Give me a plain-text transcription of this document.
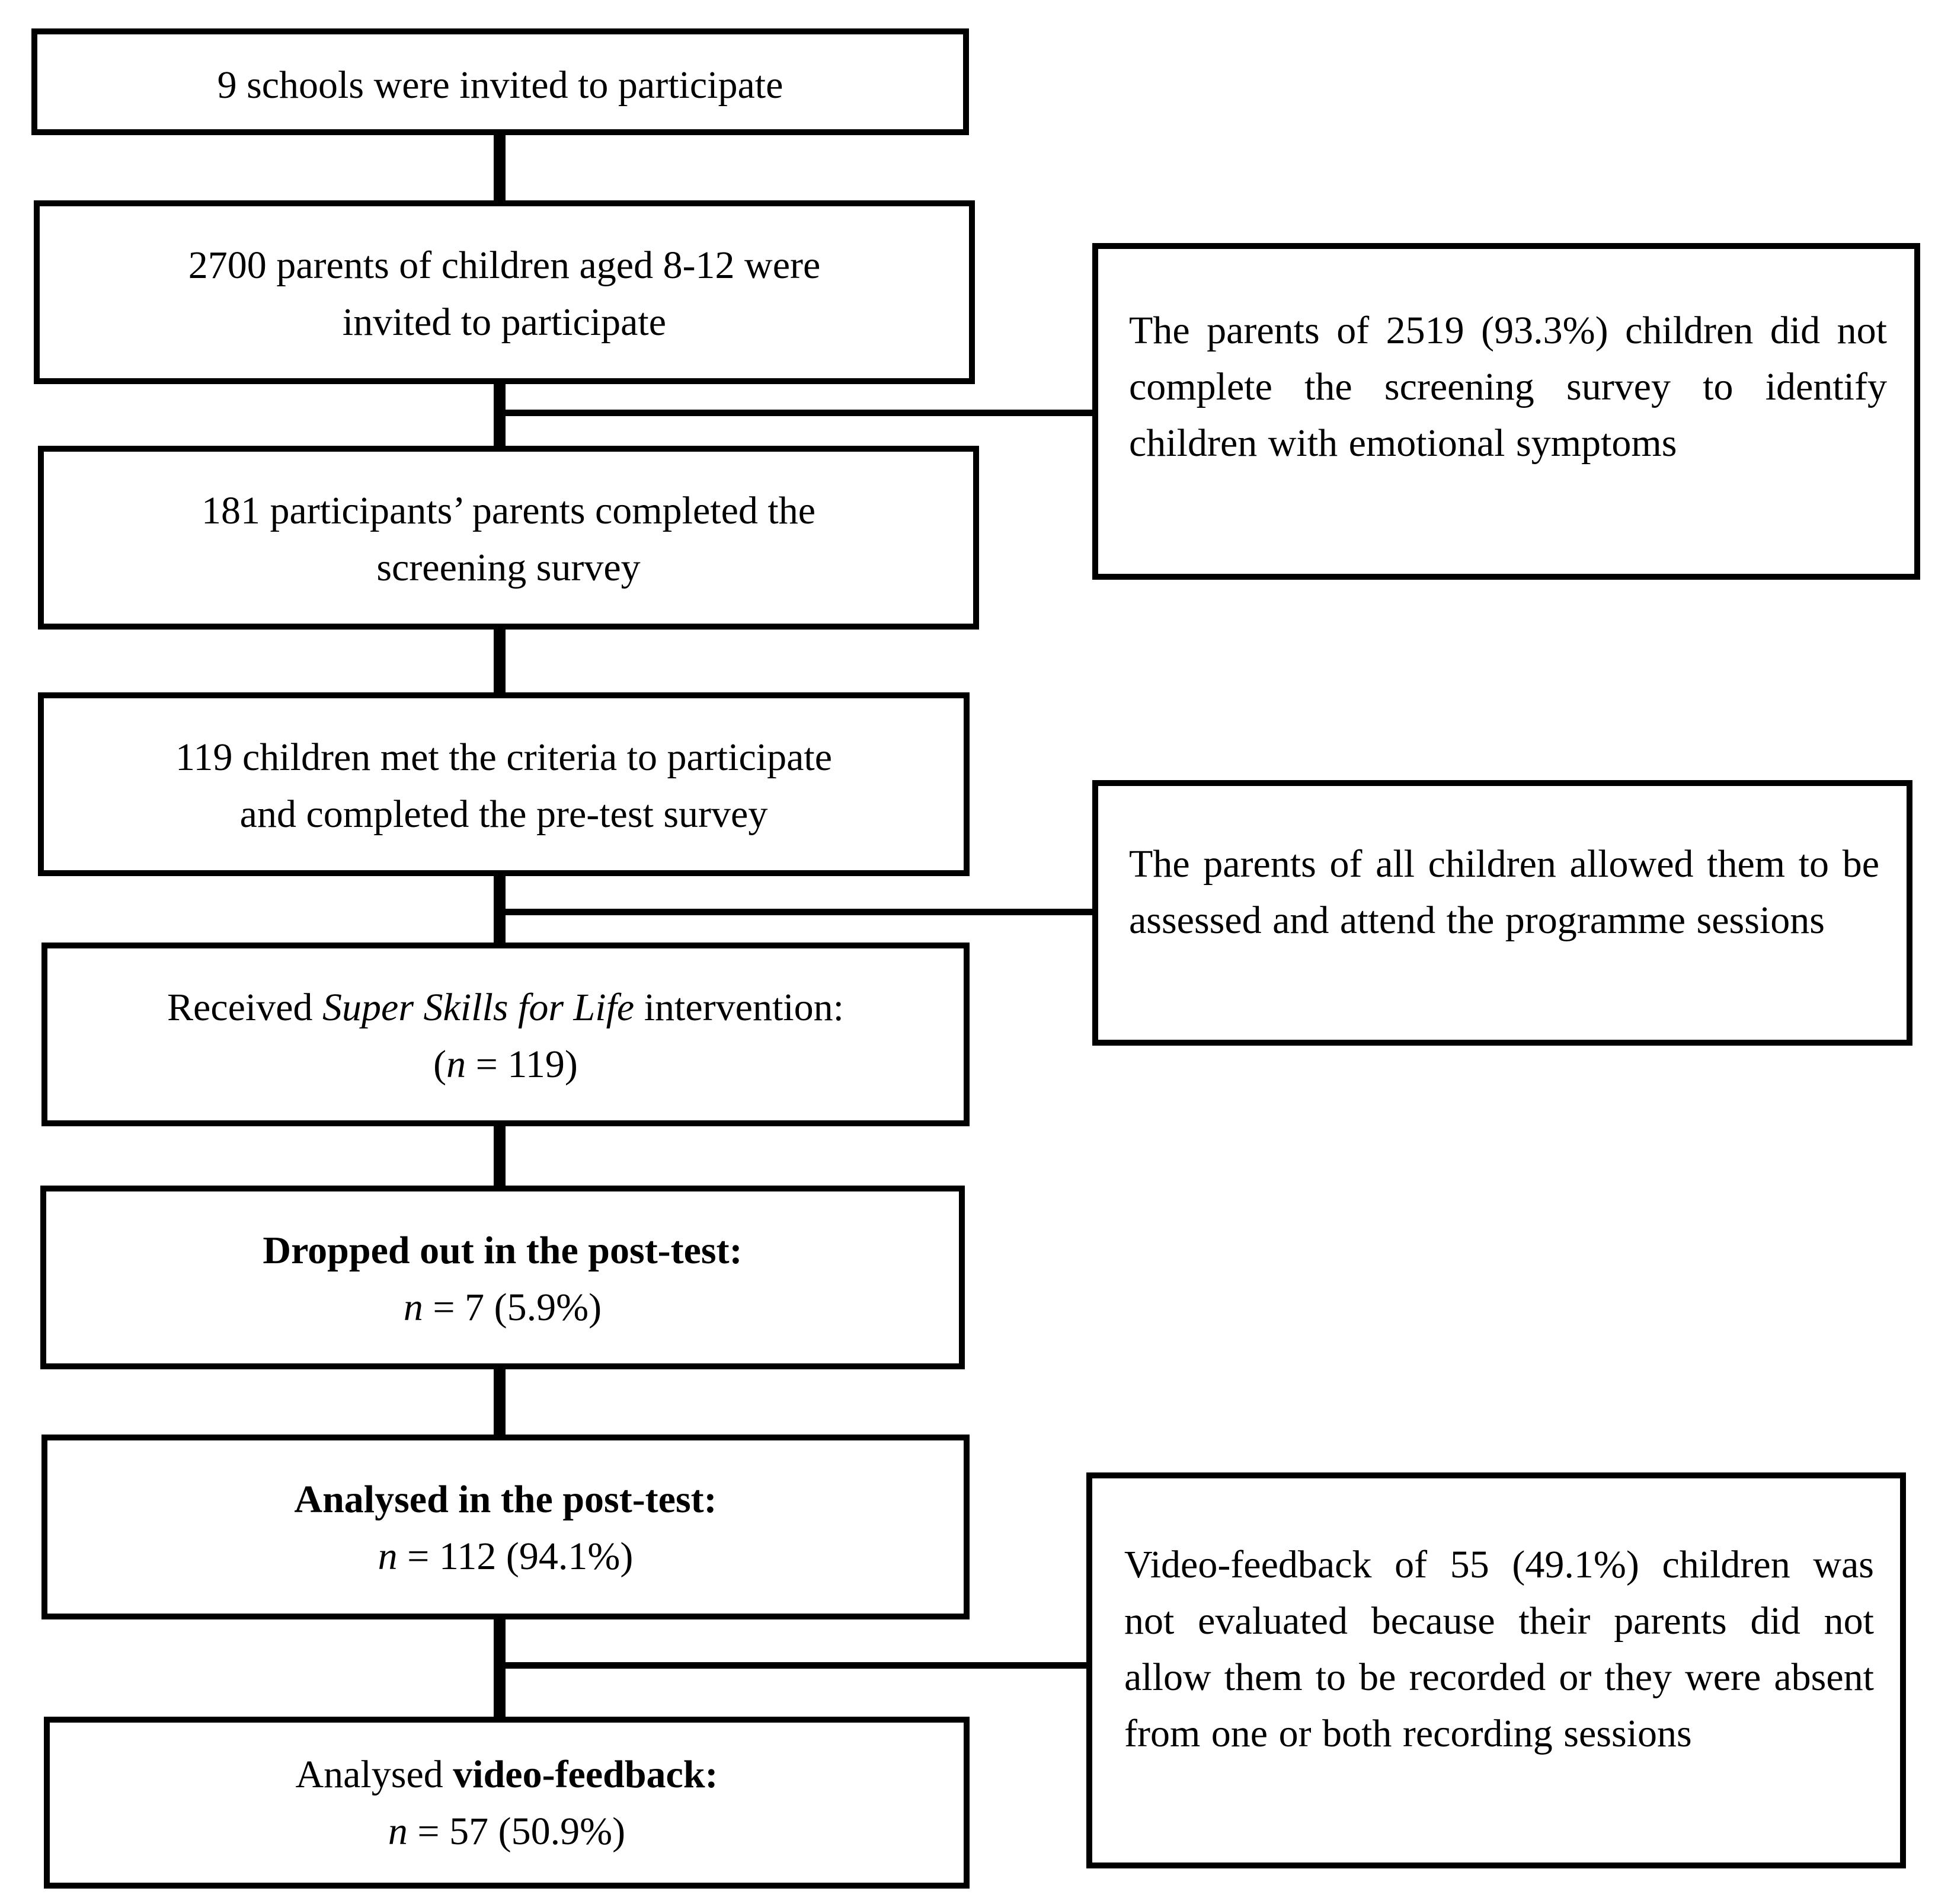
9 schools were invited to participate
2700 parents of children aged 8-12 were
invited to participate
181 participants’ parents completed the
screening survey
119 children met the criteria to participate
and completed the pre-test survey
Received Super Skills for Life intervention:
(n = 119)
Dropped out in the post-test:
n = 7 (5.9%)
Analysed in the post-test:
n = 112 (94.1%)
Analysed video-feedback:
n = 57 (50.9%)
The parents of 2519 (93.3%) children did not complete the screening survey to identify children with emotional symptoms
The parents of all children allowed them to be assessed and attend the programme sessions
Video-feedback of 55 (49.1%) children was not evaluated because their parents did not allow them to be recorded or they were absent from one or both recording sessions
